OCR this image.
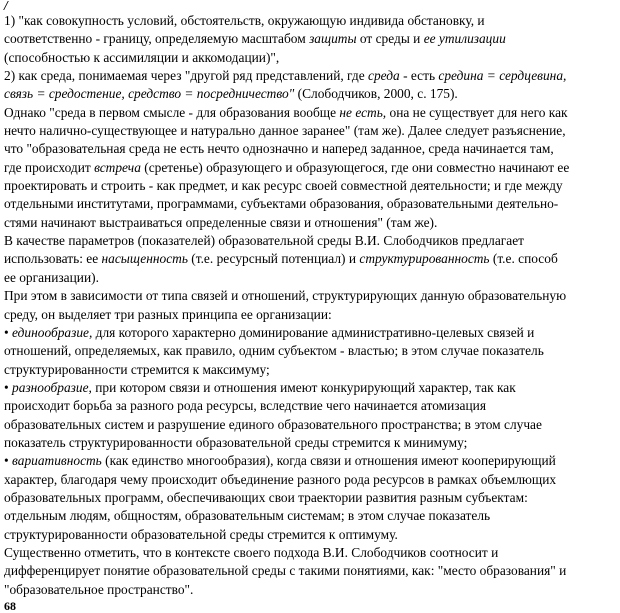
/
1) "как совокупность условий, обстоятельств, окружающую индивида обстановку, и
соответственно - границу, определяемую масштабом защиты от среды и ее утилизации
(способностью к ассимиляции и аккомодации)",
2) как среда, понимаемая через "другой ряд представлений, где среда - есть средина = сердцевина,
связь = средостение, средство = посредничество" (Слободчиков, 2000, с. 175).
Однако "среда в первом смысле - для образования вообще не есть, она не существует для него как
нечто налично-существующее и натурально данное заранее" (там же). Далее следует разъяснение,
что "образовательная среда не есть нечто однозначно и наперед заданное, среда начинается там,
где происходит встреча (сретенье) образующего и образующегося, где они совместно начинают ее
проектировать и строить - как предмет, и как ресурс своей совместной деятельности; и где между
отдельными институтами, программами, субъектами образования, образовательными деятельно-
стями начинают выстраиваться определенные связи и отношения" (там же).
В качестве параметров (показателей) образовательной среды В.И. Слободчиков предлагает
использовать: ее насыщенность (т.е. ресурсный потенциал) и структурированность (т.е. способ
ее организации).
При этом в зависимости от типа связей и отношений, структурирующих данную образовательную
среду, он выделяет три разных принципа ее организации:
• единообразие, для которого характерно доминирование административно-целевых связей и
отношений, определяемых, как правило, одним субъектом - властью; в этом случае показатель
структурированности стремится к максимуму;
• разнообразие, при котором связи и отношения имеют конкурирующий характер, так как
происходит борьба за разного рода ресурсы, вследствие чего начинается атомизация
образовательных систем и разрушение единого образовательного пространства; в этом случае
показатель структурированности образовательной среды стремится к минимуму;
• вариативность (как единство многообразия), когда связи и отношения имеют кооперирующий
характер, благодаря чему происходит объединение разного рода ресурсов в рамках объемлющих
образовательных программ, обеспечивающих свои траектории развития разным субъектам:
отдельным людям, общностям, образовательным системам; в этом случае показатель
структурированности образовательной среды стремится к оптимуму.
Существенно отметить, что в контексте своего подхода В.И. Слободчиков соотносит и
дифференцирует понятие образовательной среды с такими понятиями, как: "место образования" и
"образовательное пространство".
68
